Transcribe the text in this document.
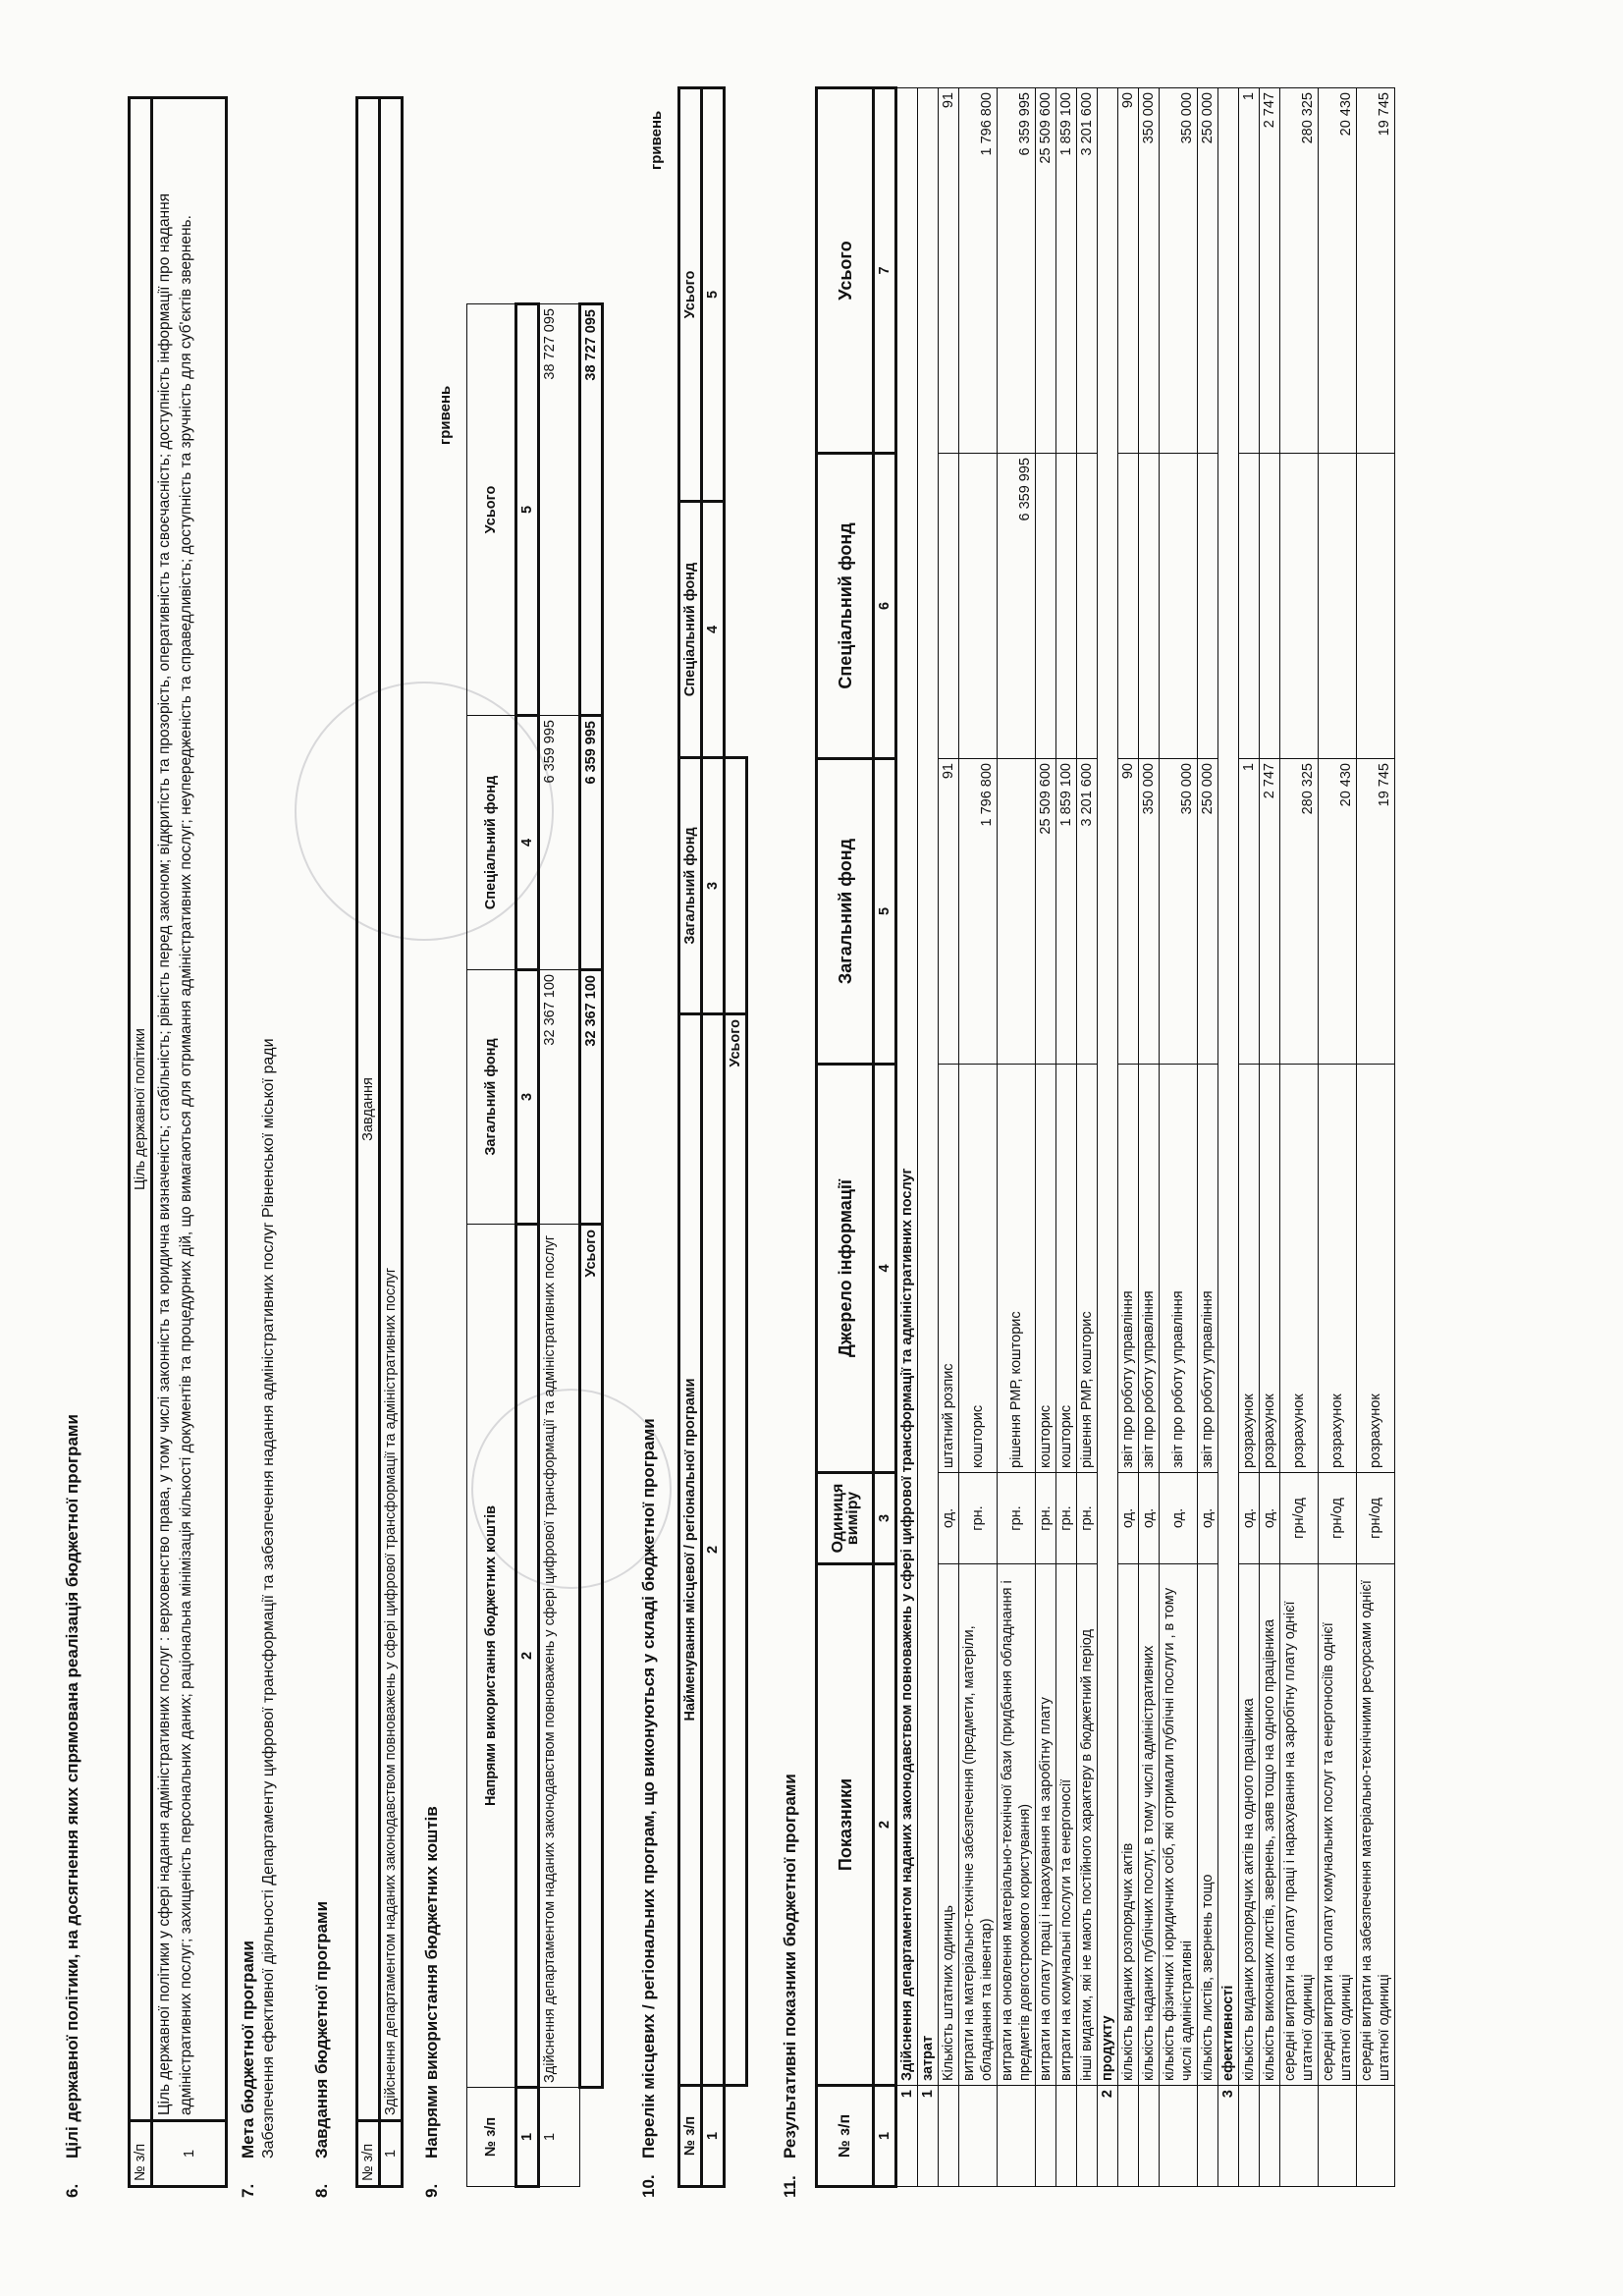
6.Цілі державної політики, на досягнення яких спрямована реалізація бюджетної програми
№ з/п	Ціль державної політики
1	Ціль державної політики у сфері надання адміністративних послуг : верховенство права, у тому числі законність та юридична визначеність; стабільність; рівність перед законом; відкритість та прозорість, оперативність та своєчасність; доступність інформації про надання адміністративних послуг; захищеність персональних даних; раціональна мінімізація кількості документів та процедурних дій, що вимагаються для отримання адміністративних послуг; неупередженість та справедливість; доступність та зручність для суб'єктів звернень.
7.Мета бюджетної програми Забезпечення ефективної діяльності Департаменту цифрової трансформації та забезпечення надання адміністративних послуг Рівненської міської ради
8.Завдання бюджетної програми
№ з/п	Завдання
1	Здійснення департаментом наданих законодавством повноважень у сфері цифрової трансформації та адміністративних послуг
9.Напрями використання бюджетних коштів
гривень
№ з/п	Напрями використання бюджетних коштів	Загальний фонд	Спеціальний фонд	Усього
1	2	3	4	5
1	Здійснення департаментом наданих законодавством повноважень у сфері цифрової трансформації та адміністративних послуг	32 367 100	6 359 995	38 727 095
	Усього	32 367 100	6 359 995	38 727 095
10.Перелік місцевих / регіональних програм, що виконуються у складі бюджетної програми
гривень
№ з/п	Найменування місцевої / регіональної програми	Загальний фонд	Спеціальний фонд	Усього
1	2	3	4	5
	Усього			
11.Результативні показники бюджетної програми № з/п	Показники	Одиниця виміру	Джерело інформації	Загальний фонд	Спеціальний фонд	Усього
1	2	3	4	5	6	7
1	Здійснення департаментом наданих законодавством повноважень у сфері цифрової трансформації та адміністративних послуг					
1	затрат					
	Кількість штатних одиниць	од.	штатний розпис	91		91
	витрати на матеріально-технічне забезпечення (предмети, матеріли, обладнання та інвентар)	грн.	кошторис	1 796 800		1 796 800
	витрати на оновлення матеріально-технічної бази (придбання обладнання і предметів довгострокового користування)	грн.	рішення РМР, кошторис		6 359 995	6 359 995
	витрати на оплату праці і нарахування на заробітну плату	грн.	кошторис	25 509 600		25 509 600
	витрати на комунальні послуги та енергоносії	грн.	кошторис	1 859 100		1 859 100
	інші видатки, які не мають постійного характеру в бюджетний період	грн.	рішення РМР, кошторис	3 201 600		3 201 600
2	продукту					
	кількість виданих розпорядчих актів	од.	звіт про роботу управління	90		90
	кількість наданих публічних послуг, в тому числі адміністративних	од.	звіт про роботу управління	350 000		350 000
	кількість фізичних і юридичних осіб, які отримали публічні послуги , в тому числі адміністративні	од.	звіт про роботу управління	350 000		350 000
	кількість листів, звернень тощо	од.	звіт про роботу управління	250 000		250 000
3	ефективності					
	кількість виданих розпорядчих актів на одного працівника	од.	розрахунок	1		1
	кількість виконаних листів, звернень, заяв тощо на одного працівника	од.	розрахунок	2 747		2 747
	середні витрати на оплату праці і нарахування на заробітну плату однієї штатної одиниці	грн/од	розрахунок	280 325		280 325
	середні витрати на оплату комунальних послуг та енергоносіїв однієї штатної одиниці	грн/од	розрахунок	20 430		20 430
	середні витрати на забезпечення матеріально-технічними ресурсами однієї штатної одиниці	грн/од	розрахунок	19 745		19 745
